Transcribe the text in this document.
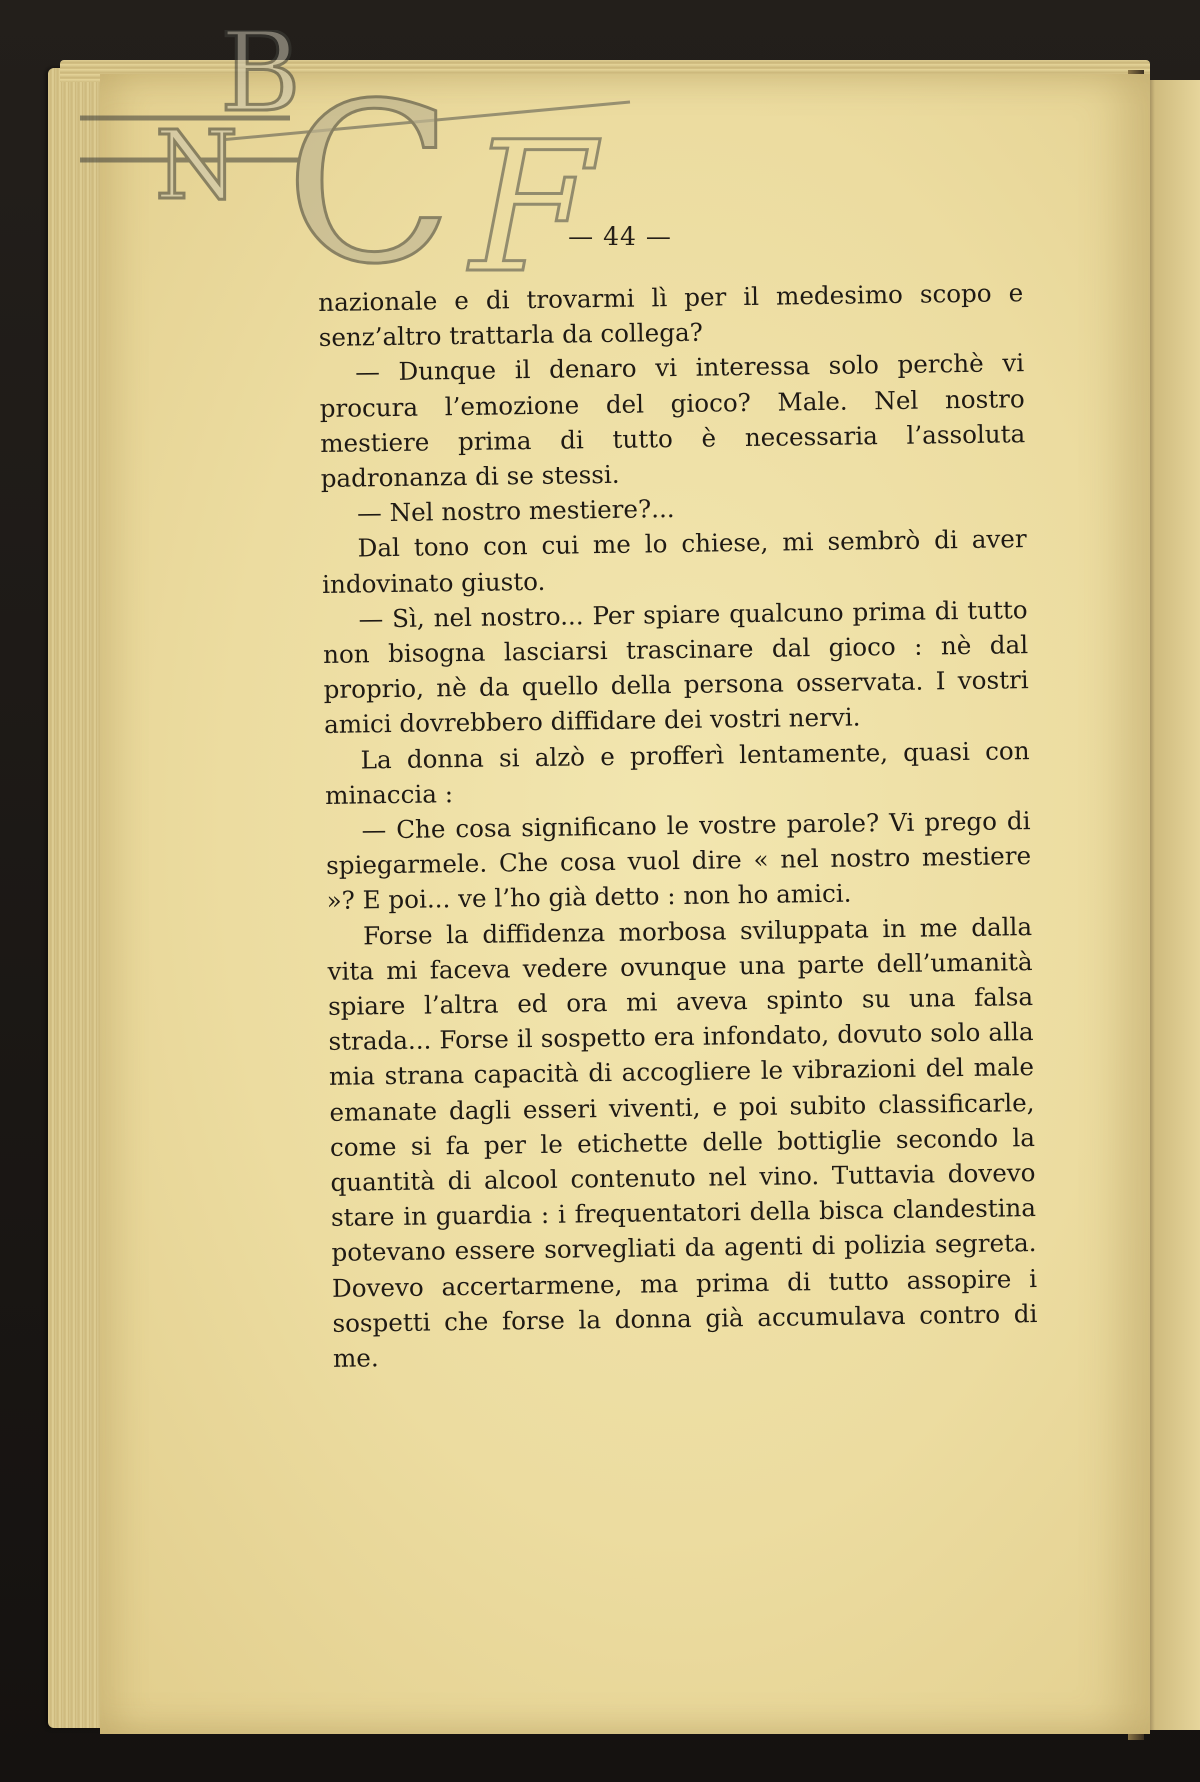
B
N C F
— 44 —

nazionale e di trovarmi lì per il medesimo scopo e senz’altro trattarla da collega?

— Dunque il denaro vi interessa solo perchè vi procura l’emozione del gioco? Male. Nel nostro mestiere prima di tutto è necessaria l’assoluta padronanza di se stessi.

— Nel nostro mestiere?...

Dal tono con cui me lo chiese, mi sembrò di aver indovinato giusto.

— Sì, nel nostro... Per spiare qualcuno prima di tutto non bisogna lasciarsi trascinare dal gioco : nè dal proprio, nè da quello della persona osservata. I vostri amici dovrebbero diffidare dei vostri nervi.

La donna si alzò e profferì lentamente, quasi con minaccia :

— Che cosa significano le vostre parole? Vi prego di spiegarmele. Che cosa vuol dire « nel nostro mestiere »? E poi... ve l’ho già detto : non ho amici.

Forse la diffidenza morbosa sviluppata in me dalla vita mi faceva vedere ovunque una parte dell’umanità spiare l’altra ed ora mi aveva spinto su una falsa strada... Forse il sospetto era infondato, dovuto solo alla mia strana capacità di accogliere le vibrazioni del male emanate dagli esseri viventi, e poi subito classificarle, come si fa per le etichette delle bottiglie secondo la quantità di alcool contenuto nel vino. Tuttavia dovevo stare in guardia : i frequentatori della bisca clandestina potevano essere sorvegliati da agenti di polizia segreta. Dovevo accertarmene, ma prima di tutto assopire i sospetti che forse la donna già accumulava contro di me.
